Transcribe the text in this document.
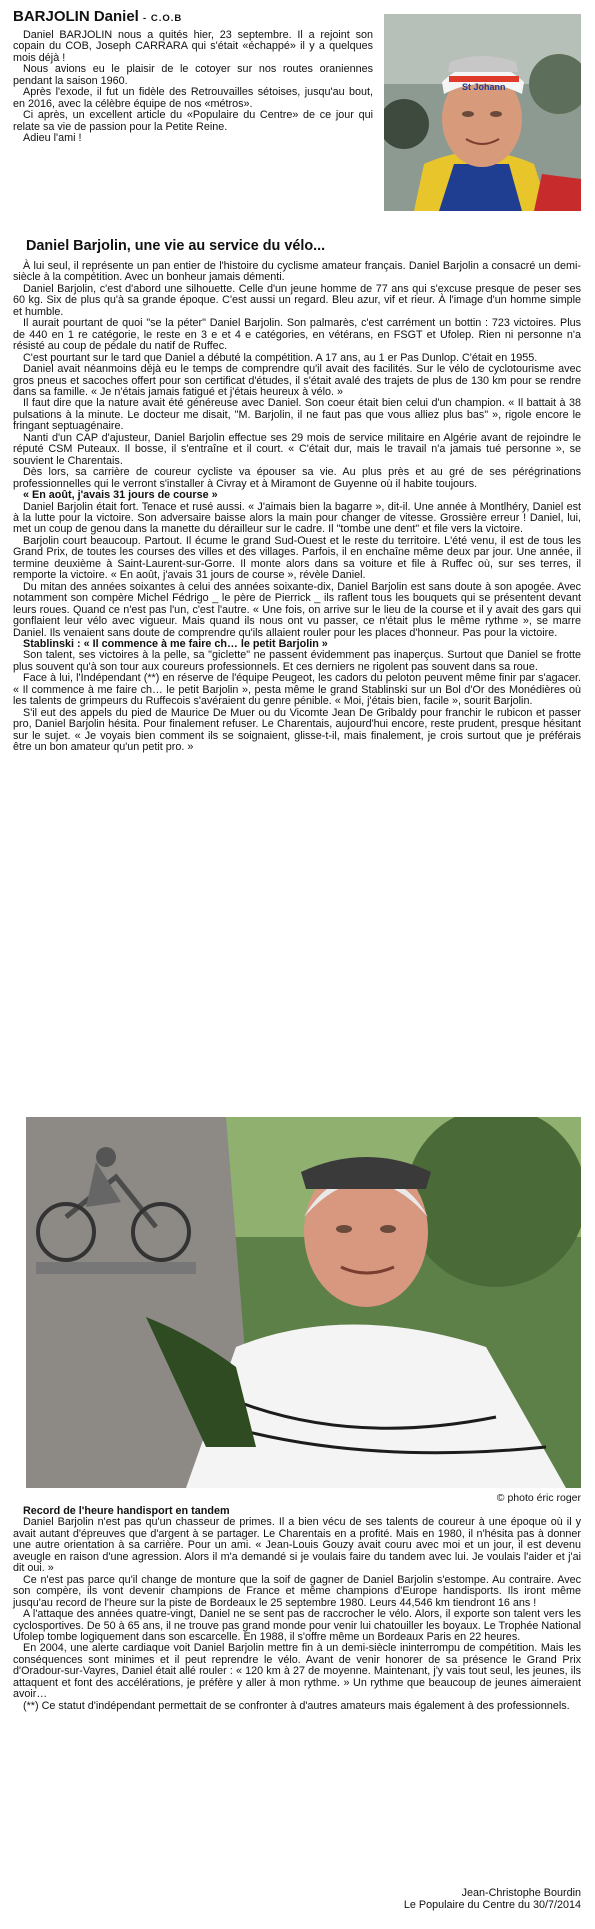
BARJOLIN Daniel - C.O.B

Daniel BARJOLIN nous a quités hier, 23 septembre. Il a rejoint son copain du COB, Joseph CARRARA qui s'était «échappé» il y a quelques mois déjà !

Nous avions eu le plaisir de le cotoyer sur nos routes oraniennes pendant la saison 1960.

Après l'exode, il fut un fidèle des Retrouvailles sétoises, jusqu'au bout, en 2016, avec la célèbre équipe de nos «métros».

Ci après, un excellent article du «Populaire du Centre» de ce jour qui relate sa vie de passion pour la Petite Reine.

Adieu l'ami !

St Johann
Daniel Barjolin, une vie au service du vélo...

À lui seul, il représente un pan entier de l'histoire du cyclisme amateur français. Daniel Barjolin a consacré un demi-siècle à la compétition. Avec un bonheur jamais démenti.

Daniel Barjolin, c'est d'abord une silhouette. Celle d'un jeune homme de 77 ans qui s'excuse presque de peser ses 60 kg. Six de plus qu'à sa grande époque. C'est aussi un regard. Bleu azur, vif et rieur. À l'image d'un homme simple et humble.

Il aurait pourtant de quoi "se la péter" Daniel Barjolin. Son palmarès, c'est carrément un bottin : 723 victoires. Plus de 440 en 1 re catégorie, le reste en 3 e et 4 e catégories, en vétérans, en FSGT et Ufolep. Rien ni personne n'a résisté au coup de pédale du natif de Ruffec.

C'est pourtant sur le tard que Daniel a débuté la compétition. A 17 ans, au 1 er Pas Dunlop. C'était en 1955.

Daniel avait néanmoins déjà eu le temps de comprendre qu'il avait des facilités. Sur le vélo de cyclotourisme avec gros pneus et sacoches offert pour son certificat d'études, il s'était avalé des trajets de plus de 130 km pour se rendre dans sa famille. « Je n'étais jamais fatigué et j'étais heureux à vélo. »

Il faut dire que la nature avait été généreuse avec Daniel. Son coeur était bien celui d'un champion. « Il battait à 38 pulsations à la minute. Le docteur me disait, "M. Barjolin, il ne faut pas que vous alliez plus bas" », rigole encore le fringant septuagénaire.

Nanti d'un CAP d'ajusteur, Daniel Barjolin effectue ses 29 mois de service militaire en Algérie avant de rejoindre le réputé CSM Puteaux. Il bosse, il s'entraîne et il court. « C'était dur, mais le travail n'a jamais tué personne », se souvient le Charentais.

Dès lors, sa carrière de coureur cycliste va épouser sa vie. Au plus près et au gré de ses pérégrinations professionnelles qui le verront s'installer à Civray et à Miramont de Guyenne où il habite toujours.

« En août, j'avais 31 jours de course »

Daniel Barjolin était fort. Tenace et rusé aussi. « J'aimais bien la bagarre », dit-il. Une année à Montlhéry, Daniel est à la lutte pour la victoire. Son adversaire baisse alors la main pour changer de vitesse. Grossière erreur ! Daniel, lui, met un coup de genou dans la manette du dérailleur sur le cadre. Il "tombe une dent" et file vers la victoire.

Barjolin court beaucoup. Partout. Il écume le grand Sud-Ouest et le reste du territoire. L'été venu, il est de tous les Grand Prix, de toutes les courses des villes et des villages. Parfois, il en enchaîne même deux par jour. Une année, il termine deuxième à Saint-Laurent-sur-Gorre. Il monte alors dans sa voiture et file à Ruffec où, sur ses terres, il remporte la victoire. « En août, j'avais 31 jours de course », révèle Daniel.

Du mitan des années soixantes à celui des années soixante-dix, Daniel Barjolin est sans doute à son apogée. Avec notamment son compère Michel Fédrigo _ le père de Pierrick _ ils raflent tous les bouquets qui se présentent devant leurs roues. Quand ce n'est pas l'un, c'est l'autre. « Une fois, on arrive sur le lieu de la course et il y avait des gars qui gonflaient leur vélo avec vigueur. Mais quand ils nous ont vu passer, ce n'était plus le même rythme », se marre Daniel. Ils venaient sans doute de comprendre qu'ils allaient rouler pour les places d'honneur. Pas pour la victoire.

Stablinski : « Il commence à me faire ch… le petit Barjolin »

Son talent, ses victoires à la pelle, sa "giclette" ne passent évidemment pas inaperçus. Surtout que Daniel se frotte plus souvent qu'à son tour aux coureurs professionnels. Et ces derniers ne rigolent pas souvent dans sa roue.

Face à lui, l'Indépendant (**) en réserve de l'équipe Peugeot, les cadors du peloton peuvent même finir par s'agacer. « Il commence à me faire ch… le petit Barjolin », pesta même le grand Stablinski sur un Bol d'Or des Monédières où les talents de grimpeurs du Ruffecois s'avéraient du genre pénible. « Moi, j'étais bien, facile », sourit Barjolin.

S'il eut des appels du pied de Maurice De Muer ou du Vicomte Jean De Gribaldy pour franchir le rubicon et passer pro, Daniel Barjolin hésita. Pour finalement refuser. Le Charentais, aujourd'hui encore, reste prudent, presque hésitant sur le sujet. « Je voyais bien comment ils se soignaient, glisse-t-il, mais finalement, je crois surtout que je préférais être un bon amateur qu'un petit pro. »

© photo éric roger

Record de l'heure handisport en tandem

Daniel Barjolin n'est pas qu'un chasseur de primes. Il a bien vécu de ses talents de coureur à une époque où il y avait autant d'épreuves que d'argent à se partager. Le Charentais en a profité. Mais en 1980, il n'hésita pas à donner une autre orientation à sa carrière. Pour un ami. « Jean-Louis Gouzy avait couru avec moi et un jour, il est devenu aveugle en raison d'une agression. Alors il m'a demandé si je voulais faire du tandem avec lui. Je voulais l'aider et j'ai dit oui. »

Ce n'est pas parce qu'il change de monture que la soif de gagner de Daniel Barjolin s'estompe. Au contraire. Avec son compère, ils vont devenir champions de France et même champions d'Europe handisports. Ils iront même jusqu'au record de l'heure sur la piste de Bordeaux le 25 septembre 1980. Leurs 44,546 km tiendront 16 ans !

A l'attaque des années quatre-vingt, Daniel ne se sent pas de raccrocher le vélo. Alors, il exporte son talent vers les cyclosportives. De 50 à 65 ans, il ne trouve pas grand monde pour venir lui chatouiller les boyaux. Le Trophée National Ufolep tombe logiquement dans son escarcelle. En 1988, il s'offre même un Bordeaux Paris en 22 heures.

En 2004, une alerte cardiaque voit Daniel Barjolin mettre fin à un demi-siècle ininterrompu de compétition. Mais les conséquences sont minimes et il peut reprendre le vélo. Avant de venir honorer de sa présence le Grand Prix d'Oradour-sur-Vayres, Daniel était allé rouler : « 120 km à 27 de moyenne. Maintenant, j'y vais tout seul, les jeunes, ils attaquent et font des accélérations, je préfère y aller à mon rythme. » Un rythme que beaucoup de jeunes aimeraient avoir…

(**) Ce statut d'indépendant permettait de se confronter à d'autres amateurs mais également à des professionnels.

Jean-Christophe Bourdin
Le Populaire du Centre du 30/7/2014
